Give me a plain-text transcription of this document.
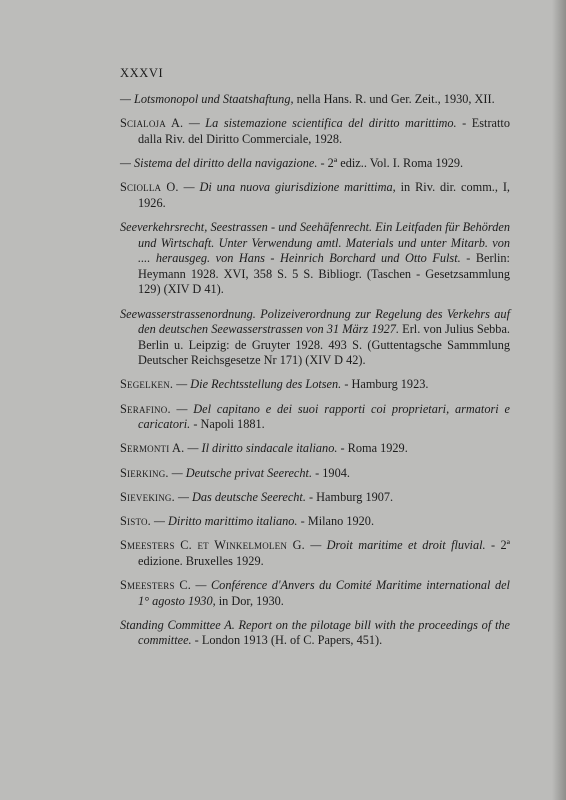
XXXVI

— Lotsmonopol und Staatshaftung, nella Hans. R. und Ger. Zeit., 1930, XII.

Scialoja A. — La sistemazione scientifica del diritto marittimo. - Estratto dalla Riv. del Diritto Commerciale, 1928.

— Sistema del diritto della navigazione. - 2ª ediz.. Vol. I. Roma 1929.

Sciolla O. — Di una nuova giurisdizione marittima, in Riv. dir. comm., I, 1926.

Seeverkehrsrecht, Seestrassen - und Seehäfenrecht. Ein Leitfaden für Behörden und Wirtschaft. Unter Verwendung amtl. Materials und unter Mitarb. von .... herausgeg. von Hans - Heinrich Borchard und Otto Fulst. - Berlin: Heymann 1928. XVI, 358 S. 5 S. Bibliogr. (Taschen - Gesetzsammlung 129) (XIV D 41).

Seewasserstrassenordnung. Polizeiverordnung zur Regelung des Verkehrs auf den deutschen Seewasserstrassen von 31 März 1927. Erl. von Julius Sebba. Berlin u. Leipzig: de Gruyter 1928. 493 S. (Guttentagsche Sammmlung Deutscher Reichsgesetze Nr 171) (XIV D 42).

Segelken. — Die Rechtsstellung des Lotsen. - Hamburg 1923.

Serafino. — Del capitano e dei suoi rapporti coi proprietari, armatori e caricatori. - Napoli 1881.

Sermonti A. — Il diritto sindacale italiano. - Roma 1929.

Sierking. — Deutsche privat Seerecht. - 1904.

Sieveking. — Das deutsche Seerecht. - Hamburg 1907.

Sisto. — Diritto marittimo italiano. - Milano 1920.

Smeesters C. et Winkelmolen G. — Droit maritime et droit fluvial. - 2ª edizione. Bruxelles 1929.

Smeesters C. — Conférence d'Anvers du Comité Maritime international del 1° agosto 1930, in Dor, 1930.

Standing Committee A. Report on the pilotage bill with the proceedings of the committee. - London 1913 (H. of C. Papers, 451).
